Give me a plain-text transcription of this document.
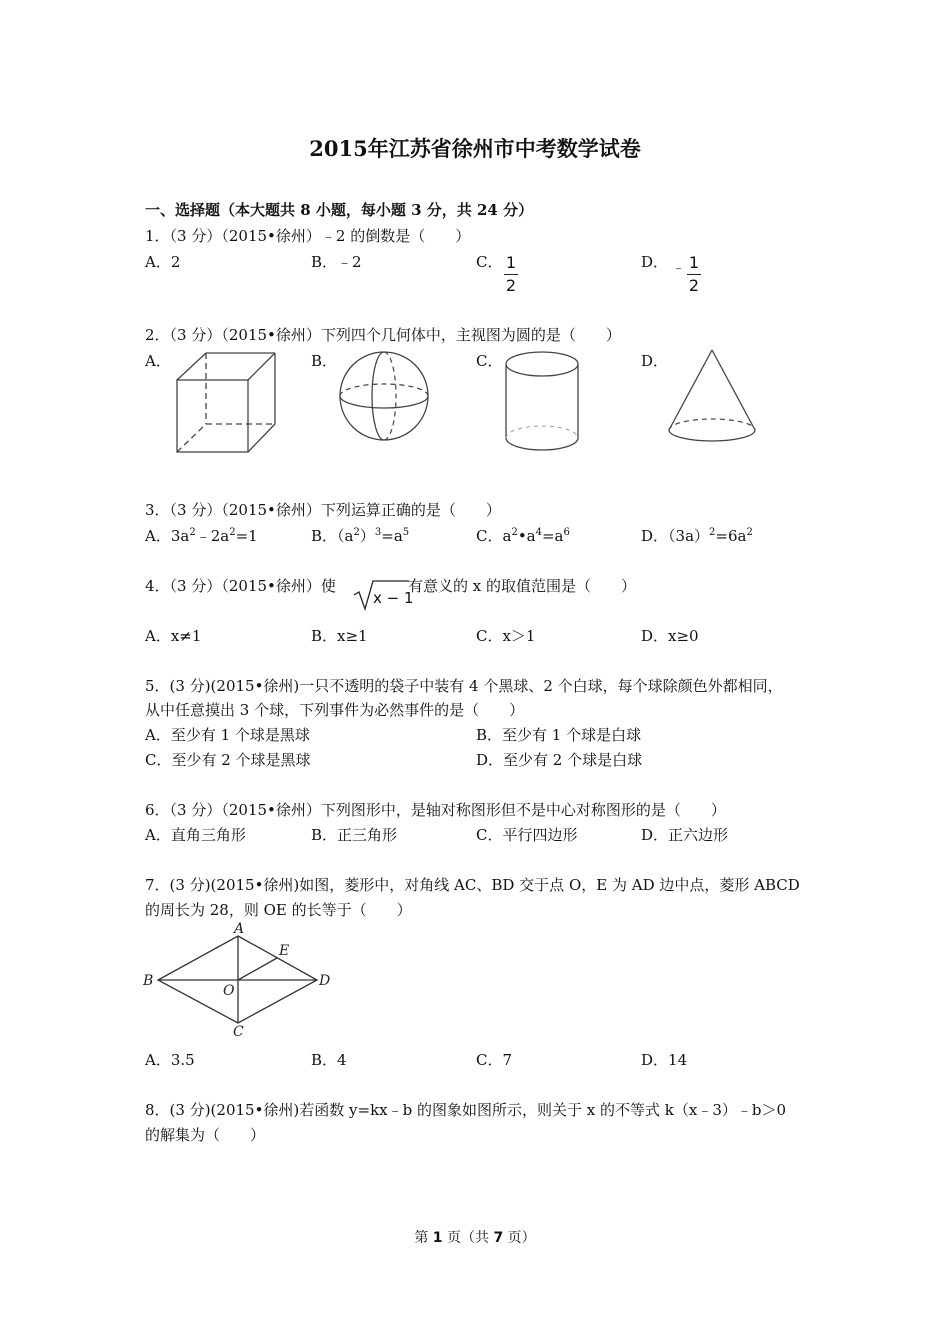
2015年江苏省徐州市中考数学试卷
一、选择题（本大题共 8 小题，每小题 3 分，共 24 分）
1．（3 分）（2015•徐州）﹣2 的倒数是（　　）
A．2	B．﹣2	C． 1
2
D． ﹣ 1
2
2．（3 分）（2015•徐州）下列四个几何体中，主视图为圆的是（　　）
A．	B．	C．	D．
3．（3 分）（2015•徐州）下列运算正确的是（　　）
A．$3a^2﹣2a^2=1$	B．$(a^2)^3=a^5$	C．$a^2•a^4=a^6$	D．$(3a)^2=6a^2$
4．（3 分）（2015•徐州）使
x − 1
有意义的 x 的取值范围是（　　）
A．x≠1	B．x≥1	C．x＞1	D．x≥0
5．(3 分)(2015•徐州)一只不透明的袋子中装有 4 个黑球、2 个白球，每个球除颜色外都相同，
从中任意摸出 3 个球，下列事件为必然事件的是（　　）
A．至少有 1 个球是黑球	B．至少有 1 个球是白球
C．至少有 2 个球是黑球	D．至少有 2 个球是白球
6．（3 分）（2015•徐州）下列图形中，是轴对称图形但不是中心对称图形的是（　　）
A．直角三角形	B．正三角形	C．平行四边形	D．正六边形
7．(3 分)(2015•徐州)如图，菱形中，对角线 AC、BD 交于点 O，E 为 AD 边中点，菱形 ABCD
的周长为 28，则 OE 的长等于（　　）
A
B
C
D
E
O
A．3.5	B．4	C．7	D．14
8．(3 分)(2015•徐州)若函数 y=kx﹣b 的图象如图所示，则关于 x 的不等式 k（x﹣3）﹣b＞0
的解集为（　　）
第 1 页（共 7 页）
